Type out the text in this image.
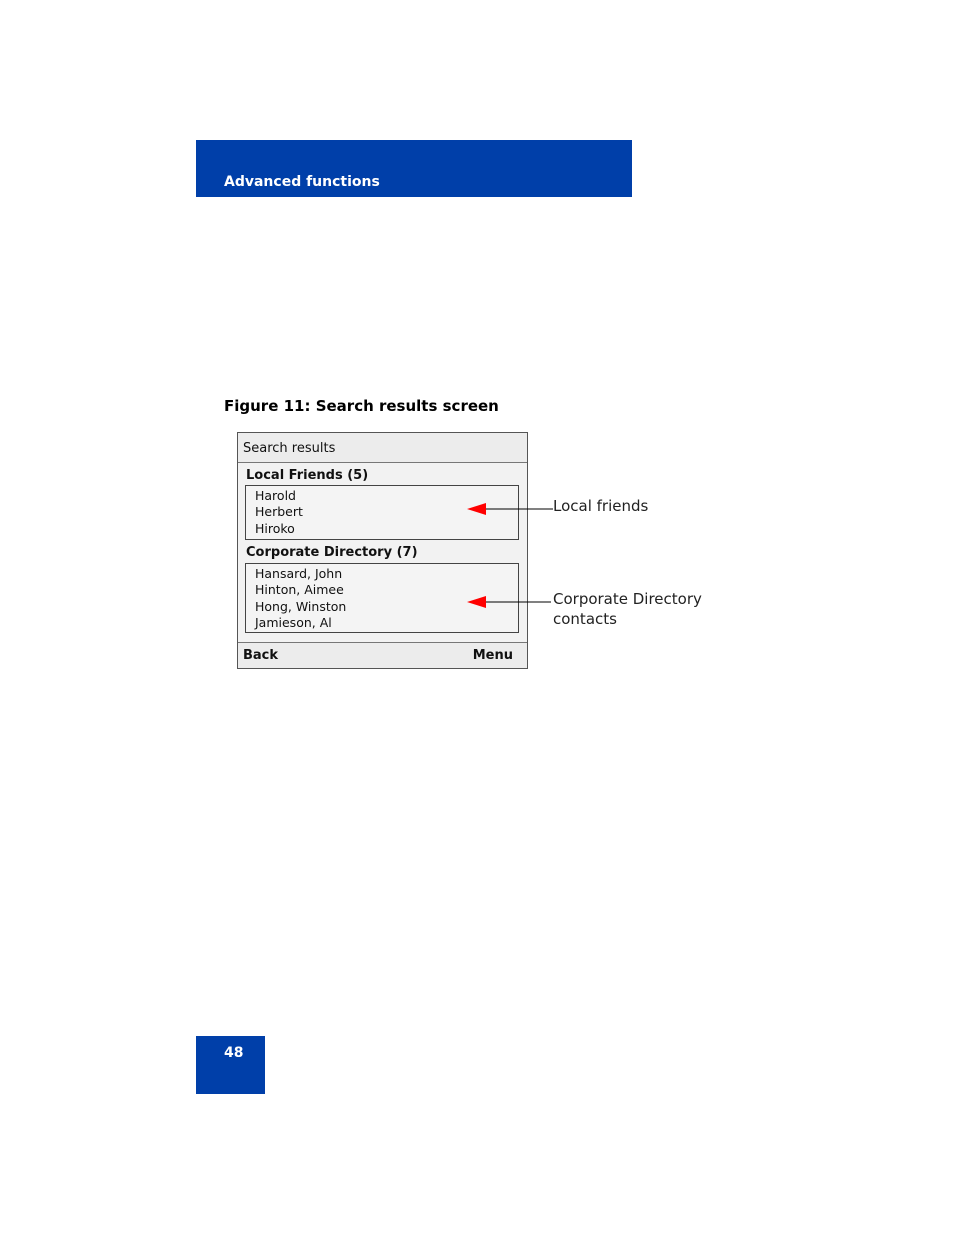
Advanced functions
Figure 11: Search results screen
Search results
Local Friends (5)
Harold
Herbert
Hiroko
Corporate Directory (7)
Hansard, John
Hinton, Aimee
Hong, Winston
Jamieson, Al
Back	Menu
Local friends
Corporate Directory
contacts
48
